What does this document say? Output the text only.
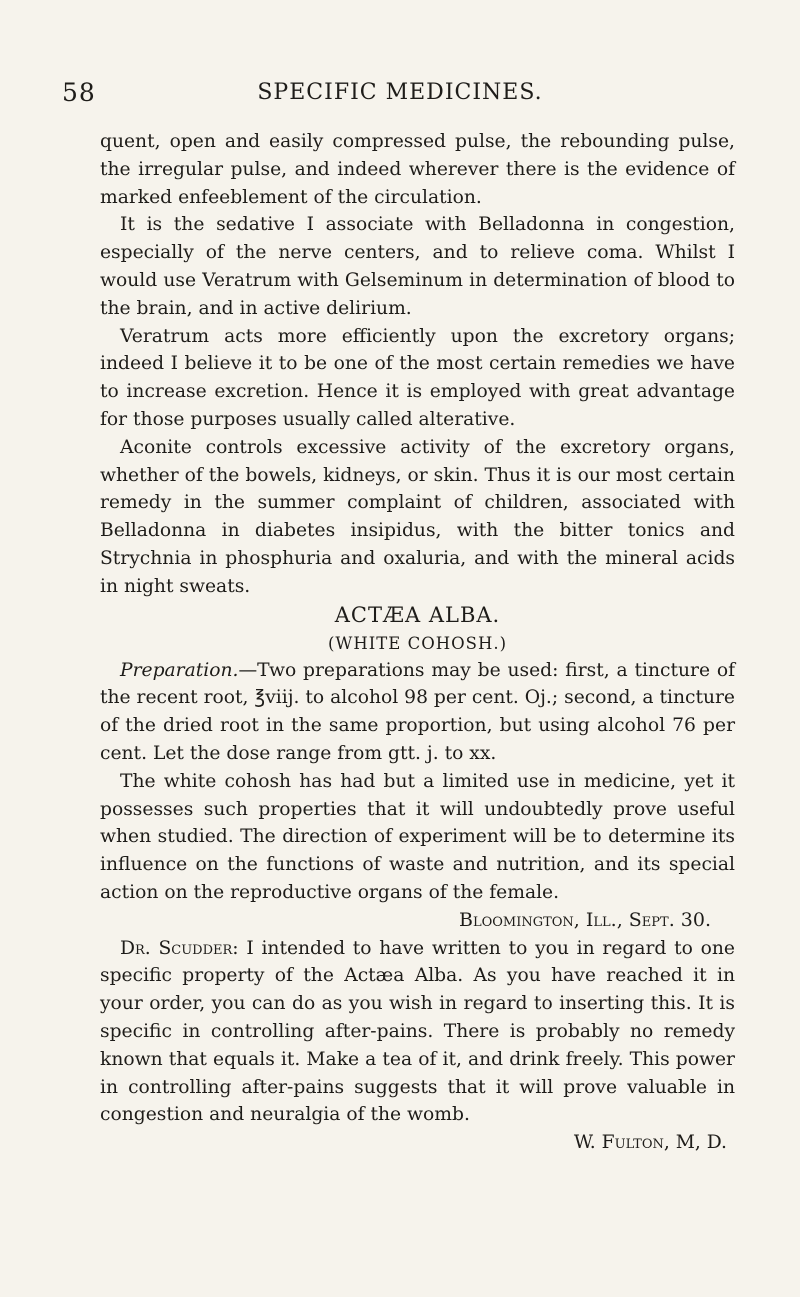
58	SPECIFIC MEDICINES.

quent, open and easily compressed pulse, the rebounding pulse, the irregular pulse, and indeed wherever there is the evidence of marked enfeeblement of the circulation.

It is the sedative I associate with Belladonna in congestion, especially of the nerve centers, and to relieve coma. Whilst I would use Veratrum with Gelseminum in determination of blood to the brain, and in active delirium.

Veratrum acts more efficiently upon the excretory organs; indeed I believe it to be one of the most certain remedies we have to increase excretion. Hence it is employed with great advantage for those purposes usually called alterative.

Aconite controls excessive activity of the excretory organs, whether of the bowels, kidneys, or skin. Thus it is our most certain remedy in the summer complaint of children, associated with Belladonna in diabetes insipidus, with the bitter tonics and Strychnia in phosphuria and oxaluria, and with the mineral acids in night sweats.

ACTÆA ALBA.

(WHITE COHOSH.)

Preparation.—Two preparations may be used: first, a tincture of the recent root, ℥viij. to alcohol 98 per cent. Oj.; second, a tincture of the dried root in the same proportion, but using alcohol 76 per cent. Let the dose range from gtt. j. to xx.

The white cohosh has had but a limited use in medicine, yet it possesses such properties that it will undoubtedly prove useful when studied. The direction of experiment will be to determine its influence on the functions of waste and nutrition, and its special action on the reproductive organs of the female.

Bloomington, Ill., Sept. 30.

Dr. Scudder: I intended to have written to you in regard to one specific property of the Actæa Alba. As you have reached it in your order, you can do as you wish in regard to inserting this. It is specific in controlling after-pains. There is probably no remedy known that equals it. Make a tea of it, and drink freely. This power in controlling after-pains suggests that it will prove valuable in congestion and neuralgia of the womb.

W. Fulton, M, D.
